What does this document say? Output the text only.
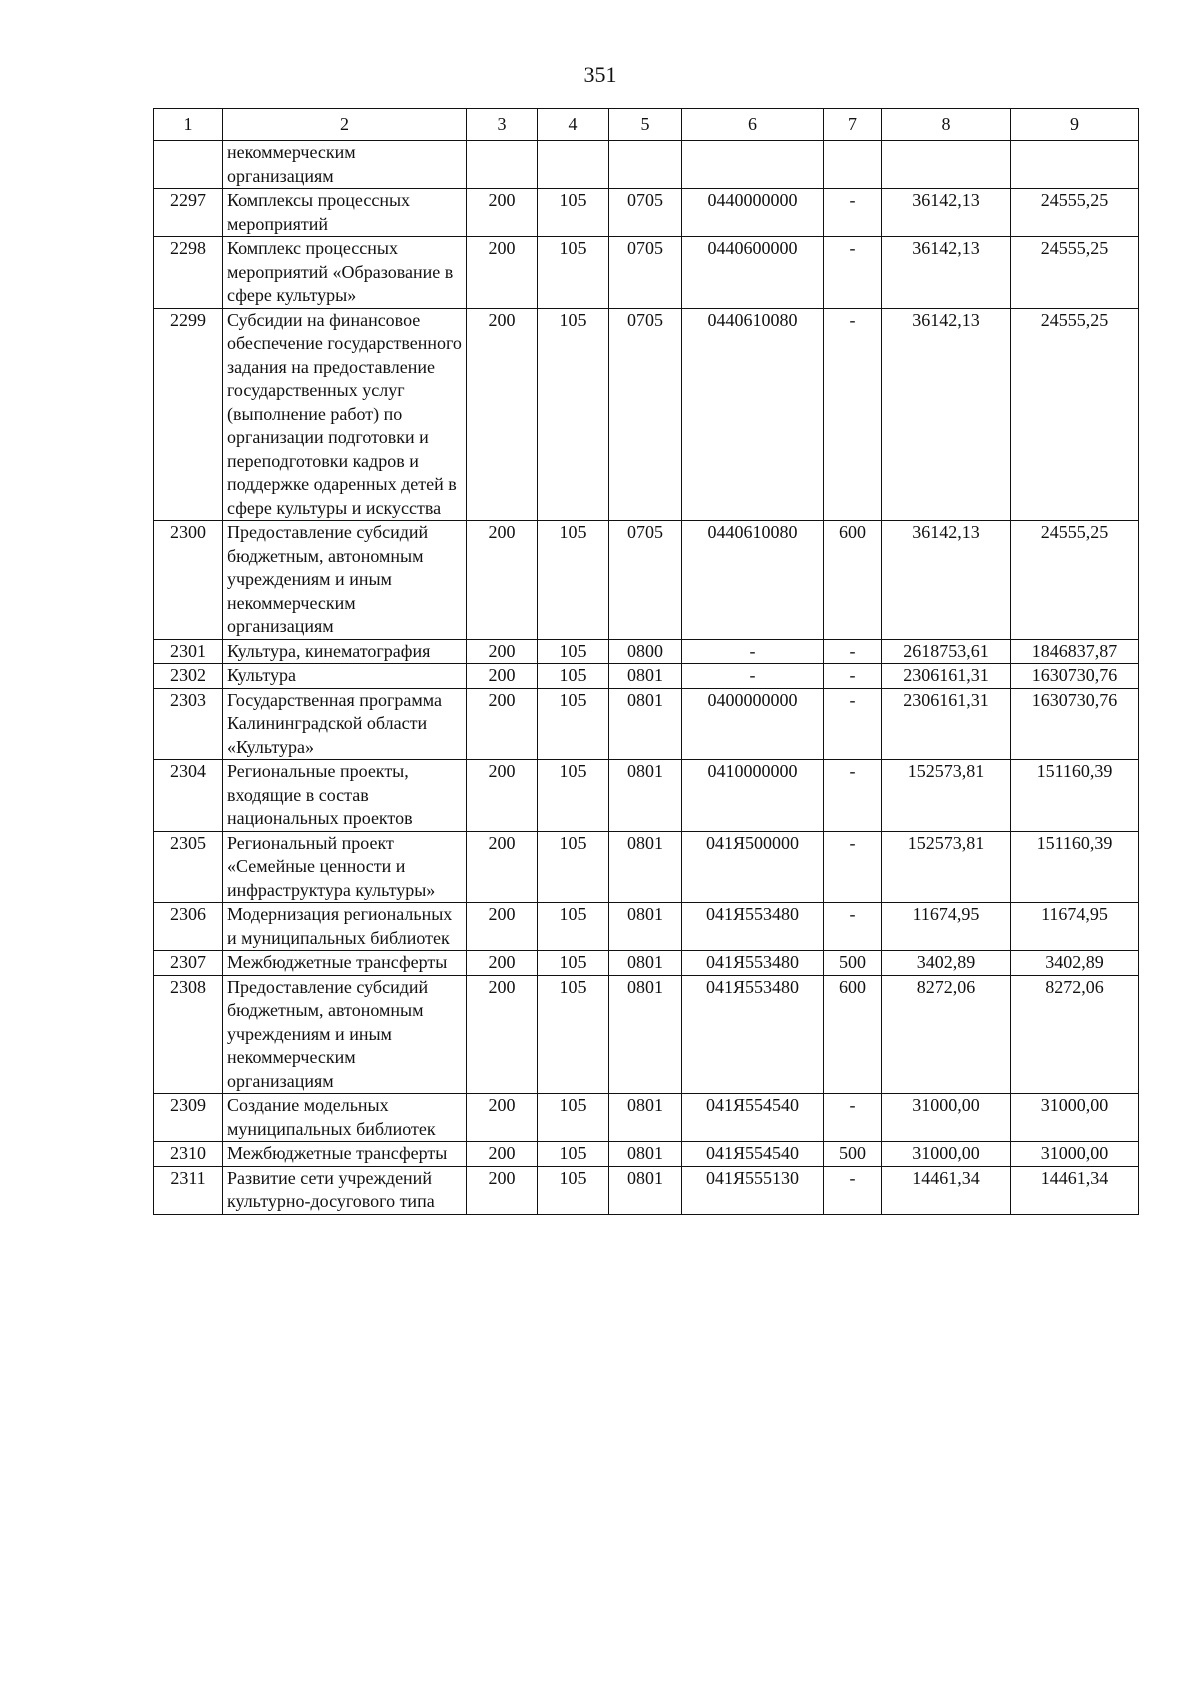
351
1	2	3	4	5	6	7	8	9
	некоммерческим организациям							
2297	Комплексы процессных мероприятий	200	105	0705	0440000000	-	36142,13	24555,25
2298	Комплекс процессных мероприятий «Образование в сфере культуры»	200	105	0705	0440600000	-	36142,13	24555,25
2299	Субсидии на финансовое обеспечение государственного задания на предоставление государственных услуг (выполнение работ) по организации подготовки и переподготовки кадров и поддержке одаренных детей в сфере культуры и искусства	200	105	0705	0440610080	-	36142,13	24555,25
2300	Предоставление субсидий бюджетным, автономным учреждениям и иным некоммерческим организациям	200	105	0705	0440610080	600	36142,13	24555,25
2301	Культура, кинематография	200	105	0800	-	-	2618753,61	1846837,87
2302	Культура	200	105	0801	-	-	2306161,31	1630730,76
2303	Государственная программа Калининградской области «Культура»	200	105	0801	0400000000	-	2306161,31	1630730,76
2304	Региональные проекты, входящие в состав национальных проектов	200	105	0801	0410000000	-	152573,81	151160,39
2305	Региональный проект «Семейные ценности и инфраструктура культуры»	200	105	0801	041Я500000	-	152573,81	151160,39
2306	Модернизация региональных и муниципальных библиотек	200	105	0801	041Я553480	-	11674,95	11674,95
2307	Межбюджетные трансферты	200	105	0801	041Я553480	500	3402,89	3402,89
2308	Предоставление субсидий бюджетным, автономным учреждениям и иным некоммерческим организациям	200	105	0801	041Я553480	600	8272,06	8272,06
2309	Создание модельных муниципальных библиотек	200	105	0801	041Я554540	-	31000,00	31000,00
2310	Межбюджетные трансферты	200	105	0801	041Я554540	500	31000,00	31000,00
2311	Развитие сети учреждений культурно-досугового типа	200	105	0801	041Я555130	-	14461,34	14461,34
